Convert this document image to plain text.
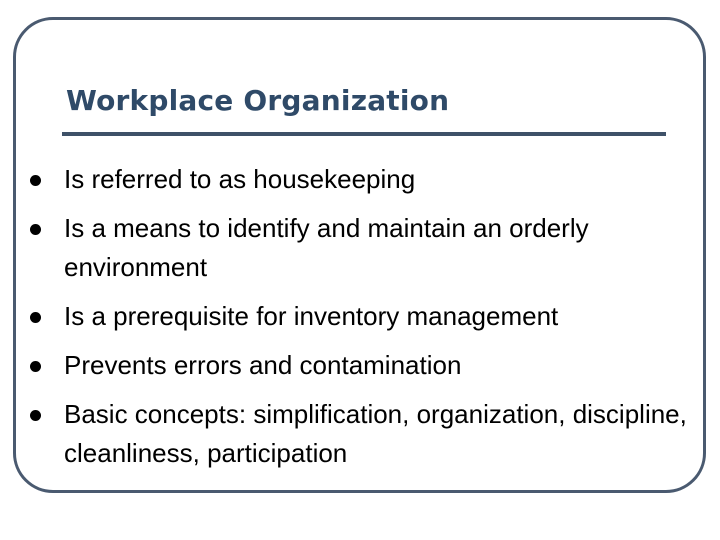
Workplace Organization
Is referred to as housekeeping
Is a means to identify and maintain an orderly environment
Is a prerequisite for inventory management
Prevents errors and contamination
Basic concepts: simplification, organization, discipline, cleanliness, participation
